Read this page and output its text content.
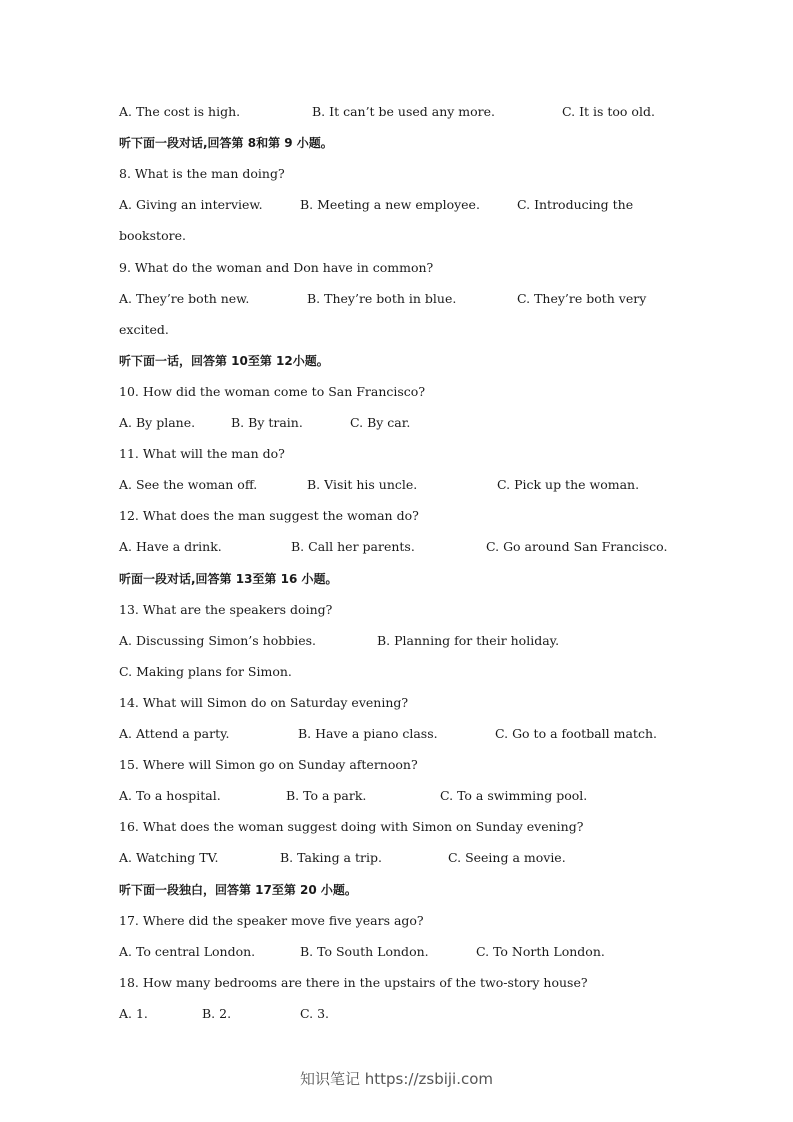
A. The cost is high.	B. It can’t be used any more.	C. It is too old.
听下面一段对话,回答第 8和第 9 小题。
8. What is the man doing?
A. Giving an interview.	B. Meeting a new employee.	C. Introducing the
bookstore.
9. What do the woman and Don have in common?
A. They’re both new.	B. They’re both in blue.	C. They’re both very
excited.
听下面一话，回答第 10至第 12小题。
10. How did the woman come to San Francisco?
A. By plane.	B. By train.	C. By car.
11. What will the man do?
A. See the woman off.	B. Visit his uncle.	C. Pick up the woman.
12. What does the man suggest the woman do?
A. Have a drink.	B. Call her parents.	C. Go around San Francisco.
听面一段对话,回答第 13至第 16 小题。
13. What are the speakers doing?
A. Discussing Simon’s hobbies.	B. Planning for their holiday.
C. Making plans for Simon.
14. What will Simon do on Saturday evening?
A. Attend a party.	B. Have a piano class.	C. Go to a football match.
15. Where will Simon go on Sunday afternoon?
A. To a hospital.	B. To a park.	C. To a swimming pool.
16. What does the woman suggest doing with Simon on Sunday evening?
A. Watching TV.	B. Taking a trip.	C. Seeing a movie.
听下面一段独白，回答第 17至第 20 小题。
17. Where did the speaker move five years ago?
A. To central London.	B. To South London.	C. To North London.
18. How many bedrooms are there in the upstairs of the two-story house?
A. 1.	B. 2.	C. 3.
知识笔记 https://zsbiji.com
